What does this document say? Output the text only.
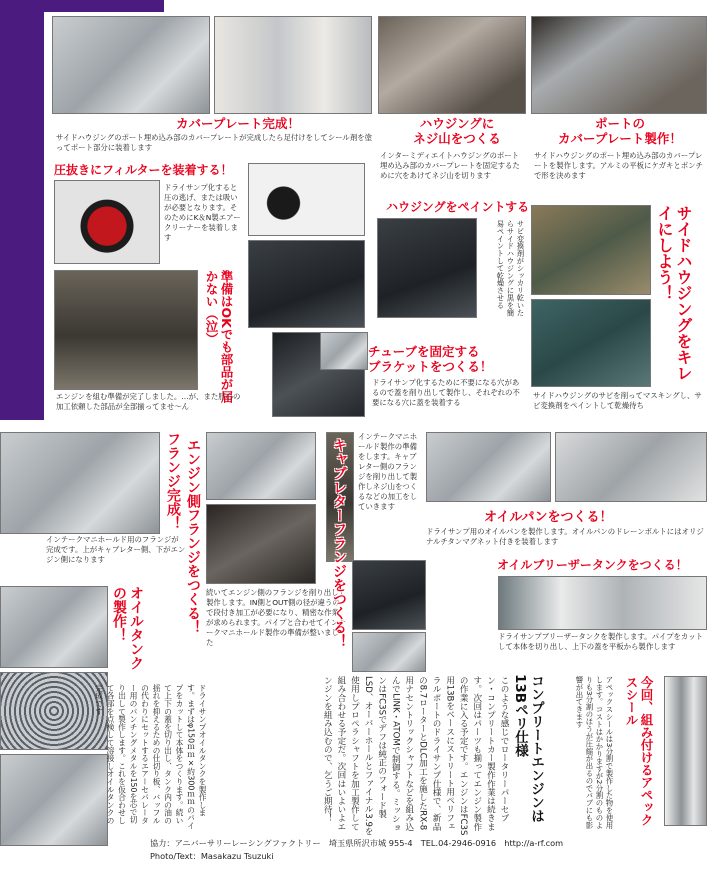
カバープレート完成！
サイドハウジングのポート埋め込み部のカバープレートが完成したら足付けをしてシール剤を塗ってポート部分に装着します
ハウジングに
ネジ山をつくる
インターミディエイトハウジングのポート埋め込み部のカバープレートを固定するために穴をあけてネジ山を切ります
ポートの
カバープレート製作！
サイドハウジングのポート埋め込み部のカバープレートを製作します。アルミの平板にケガキとポンチで形を決めます
圧抜きにフィルターを装着する！
ドライサンプ化すると圧の逃げ、または吸いが必要となります。そのためにK＆N製エアークリーナーを装着します
準備はOKでも部品が届かない（泣）
エンジンを組む準備が完了しました。…が、また肝心の加工依頼した部品が全部揃ってませ～ん
ハウジングをペイントする
サビ変換剤がシッカリ乾いたらサイドハウジングに黒を簡易ペイントして乾燥させる
チューブを固定する
ブラケットをつくる！
ドライサンプ化するために不要になる穴があるので蓋を削り出して製作し、それぞれの不要になる穴に蓋を装着する
サイドハウジングをキレイにしよう！
サイドハウジングのサビを削ってマスキングし、サビ変換剤をペイントして乾燥待ち
フランジ完成！
インテークマニホールド用のフランジが完成です。上がキャブレター側、下がエンジン側になります	エンジン側フランジをつくる！ 続いてエンジン側のフランジを削り出して製作します。IN側とOUT側の径が違うので段付き加工が必要になり、精密な作業が求められます。パイプと合わせてインテークマニホールド製作の準備が整いました	キャブレターフランジをつくる！
インテークマニホールド製作の準備をします。キャブレター側のフランジを削り出して製作しネジ山をつくるなどの加工をしていきます
オイルパンをつくる！
ドライサンプ用のオイルパンを製作します。オイルパンのドレーンボルトにはオリジナルチタンマグネット付きを装着します
オイルタンクの製作！
ドライサンプオイルタンクを製作します。まずはφ150ｍｍ×約300ｍｍのパイプをカットして本体をつくります。続いて上下の蓋を切り出し、タンク内の油の揺れを抑えるための仕切り板、バッフルの代わりにセットするエアーセパレーター用のパンチングメタルを150を芯で切り出して製作します。これを仮合わせして各部を点検して溶接しオイルタンクの完成です
オイルブリーザータンクをつくる！
ドライサンプブリーザータンクを製作します。パイプをカットして本体を切り出し、上下の蓋を平板から製作します
このような感じでロータリーパーセブン・コンプリートカー製作作業は続きます。次回はパーツも揃ってエンジン製作の作業に入る予定です。エンジンはFC3S用13Bをベースにストリート用ペリフェラルポートのドライサンプ仕様で、新品の8.7ローターとDLC加工を施したRX-8用ナセントリックシャフトなどを組み込んでLINK・ATOMで制御する。ミッションはFC3Sでデフは純正のフォード製LSD、オーバーホールとファイナル3.9を使用しプロペラシャフトを加工製作して組み合わせる予定だ。次回はいよいよエンジンを組み込むので、乞うご期待！	コンプリートエンジンは13Bペリ仕様	アペックスシールは3分割で製作した物を使用します。コストはかかりますが2分割のものよりも3分割のほうが圧縮が出るのでバブにも影響が出てきます	今回、組み付けるアペックスシール
123
協力：アニバーサリーレーシングファクトリー　埼玉県所沢市城 955-4　TEL.04-2946-0916　http://a-rf.com
Photo/Text：Masakazu Tsuzuki
